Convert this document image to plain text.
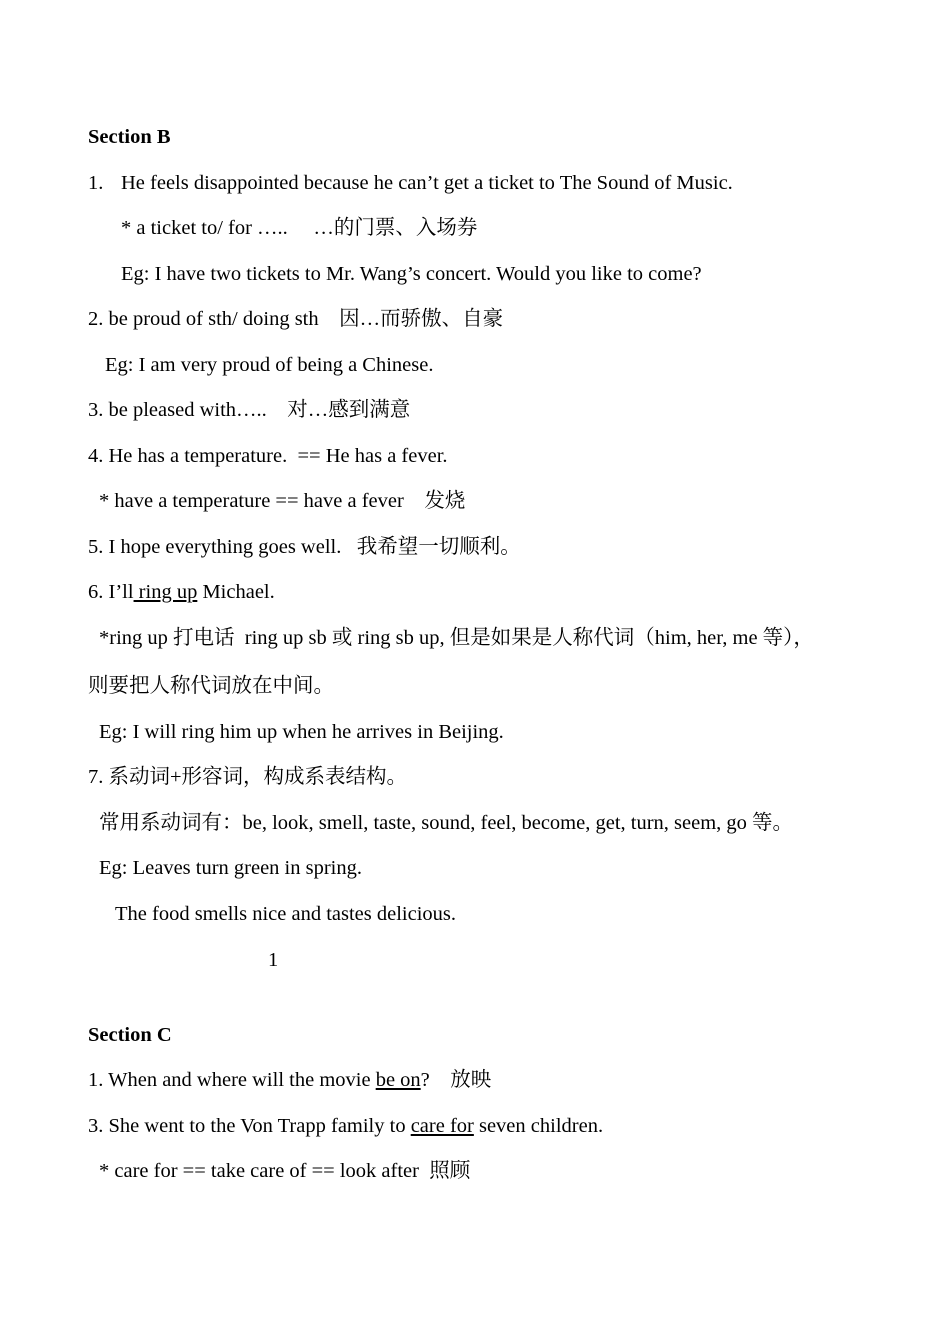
Section B
1. He feels disappointed because he can’t get a ticket to The Sound of Music.
* a ticket to/ for …..     …的门票、入场券
Eg: I have two tickets to Mr. Wang’s concert. Would you like to come?
2. be proud of sth/ doing sth    因…而骄傲、自豪
Eg: I am very proud of being a Chinese.
3. be pleased with…..    对…感到满意
4. He has a temperature.  == He has a fever.
* have a temperature == have a fever    发烧
5. I hope everything goes well.   我希望一切顺利。
6. I’ll ring up Michael.
*ring up 打电话  ring up sb 或 ring sb up, 但是如果是人称代词（him, her, me 等），
则要把人称代词放在中间。
Eg: I will ring him up when he arrives in Beijing.
7. 系动词+形容词，构成系表结构。
常用系动词有：be, look, smell, taste, sound, feel, become, get, turn, seem, go 等。
Eg: Leaves turn green in spring.
The food smells nice and tastes delicious.
1
Section C
1. When and where will the movie be on?    放映
3. She went to the Von Trapp family to care for seven children.
* care for == take care of == look after  照顾
